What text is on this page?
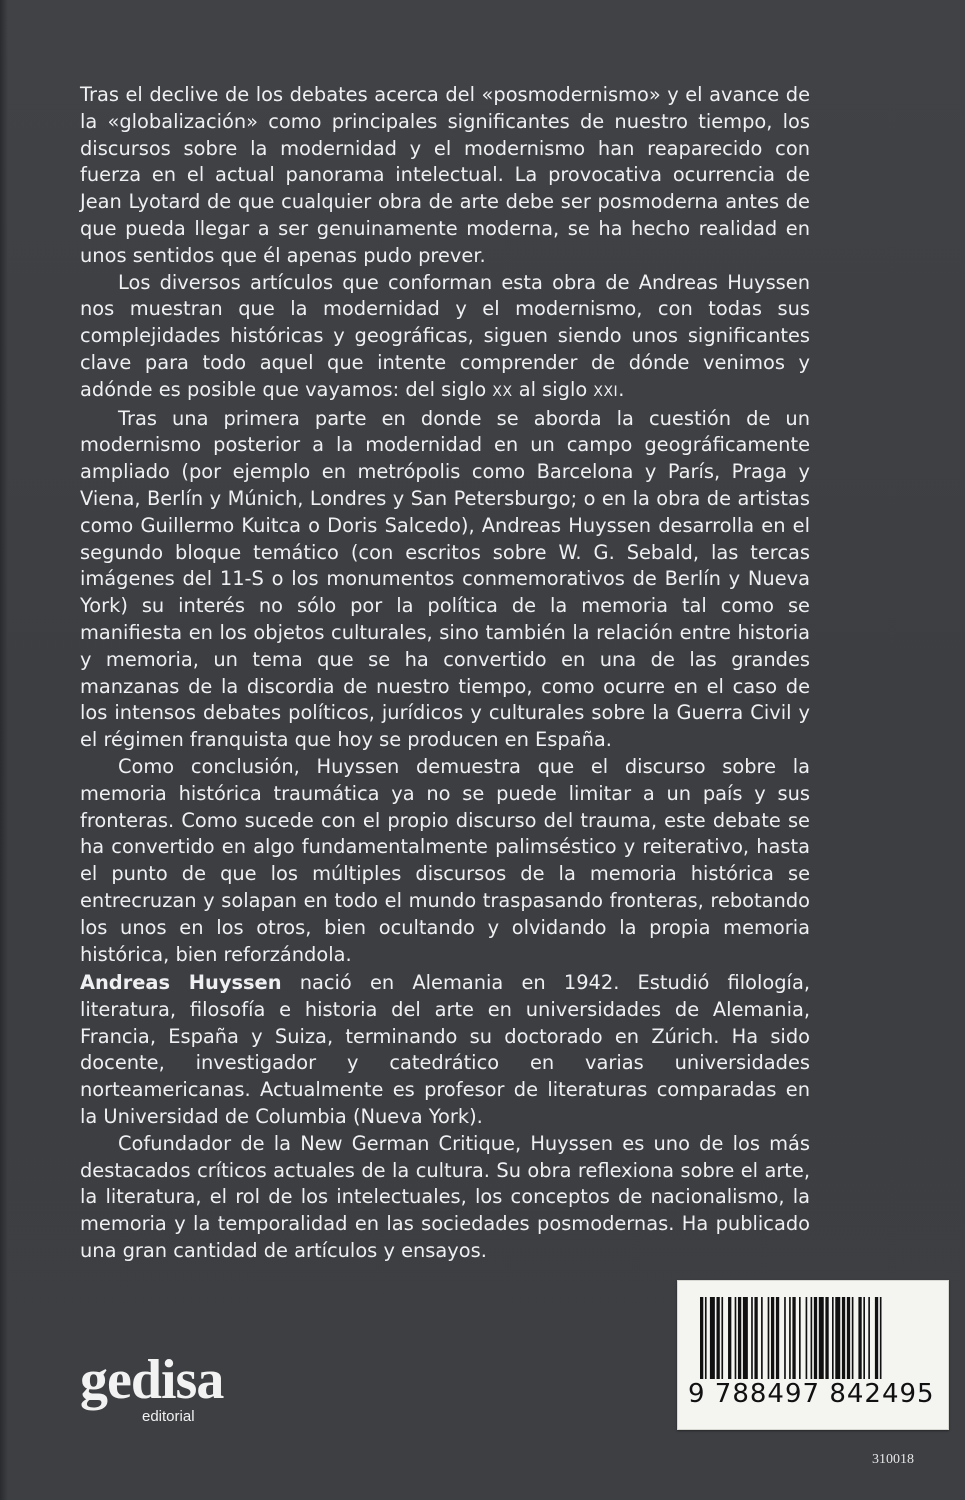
Tras el declive de los debates acerca del «posmodernismo» y el avance de la «globalización» como principales significantes de nuestro tiempo, los discursos sobre la modernidad y el modernismo han reaparecido con fuerza en el actual panorama intelectual. La provocativa ocurrencia de Jean Lyotard de que cualquier obra de arte debe ser posmoderna antes de que pueda llegar a ser genuinamente moderna, se ha hecho realidad en unos sentidos que él apenas pudo prever.

Los diversos artículos que conforman esta obra de Andreas Huyssen nos muestran que la modernidad y el modernismo, con todas sus complejidades históricas y geográficas, siguen siendo unos significantes clave para todo aquel que intente comprender de dónde venimos y adónde es posible que vayamos: del siglo XX al siglo XXI.

Tras una primera parte en donde se aborda la cuestión de un modernismo posterior a la modernidad en un campo geográficamente ampliado (por ejemplo en metrópolis como Barcelona y París, Praga y Viena, Berlín y Múnich, Londres y San Petersburgo; o en la obra de artistas como Guillermo Kuitca o Doris Salcedo), Andreas Huyssen desarrolla en el segundo bloque temático (con escritos sobre W. G. Sebald, las tercas imágenes del 11-S o los monumentos conmemorativos de Berlín y Nueva York) su interés no sólo por la política de la memoria tal como se manifiesta en los objetos culturales, sino también la relación entre historia y memoria, un tema que se ha convertido en una de las grandes manzanas de la discordia de nuestro tiempo, como ocurre en el caso de los intensos debates políticos, jurídicos y culturales sobre la Guerra Civil y el régimen franquista que hoy se producen en España.

Como conclusión, Huyssen demuestra que el discurso sobre la memoria histórica traumática ya no se puede limitar a un país y sus fronteras. Como sucede con el propio discurso del trauma, este debate se ha convertido en algo fundamentalmente palimséstico y reiterativo, hasta el punto de que los múltiples discursos de la memoria histórica se entrecruzan y solapan en todo el mundo traspasando fronteras, rebotando los unos en los otros, bien ocultando y olvidando la propia memoria histórica, bien reforzándola.

Andreas Huyssen nació en Alemania en 1942. Estudió filología, literatura, filosofía e historia del arte en universidades de Alemania, Francia, España y Suiza, terminando su doctorado en Zúrich. Ha sido docente, investigador y catedrático en varias universidades norteamericanas. Actualmente es profesor de literaturas comparadas en la Universidad de Columbia (Nueva York).

Cofundador de la New German Critique, Huyssen es uno de los más destacados críticos actuales de la cultura. Su obra reflexiona sobre el arte, la literatura, el rol de los intelectuales, los conceptos de nacionalismo, la memoria y la temporalidad en las sociedades posmodernas. Ha publicado una gran cantidad de artículos y ensayos.

gedisa
editorial
9 788497 842495
310018
